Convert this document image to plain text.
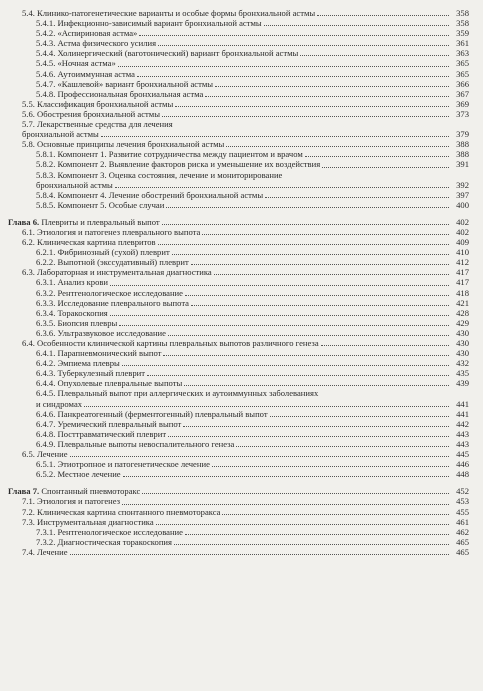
5.4. Клинико-патогенетические варианты и особые формы бронхиальной астмы	358
5.4.1. Инфекционно-зависимый вариант бронхиальной астмы	358
5.4.2. «Аспириновая астма»	359
5.4.3. Астма физического усилия	361
5.4.4. Холинергический (ваготонический) вариант бронхиальной астмы	363
5.4.5. «Ночная астма»	365
5.4.6. Аутоиммунная астма	365
5.4.7. «Кашлевой» вариант бронхиальной астмы	366
5.4.8. Профессиональная бронхиальная астма	367
5.5. Классификация бронхиальной астмы	369
5.6. Обострения бронхиальной астмы	373
5.7. Лекарственные средства для лечения
бронхиальной астмы	379
5.8. Основные принципы лечения бронхиальной астмы	388
5.8.1. Компонент 1. Развитие сотрудничества между пациентом и врачом	388
5.8.2. Компонент 2. Выявление факторов риска и уменьшение их воздействия	391
5.8.3. Компонент 3. Оценка состояния, лечение и мониторирование
бронхиальной астмы	392
5.8.4. Компонент 4. Лечение обострений бронхиальной астмы	397
5.8.5. Компонент 5. Особые случаи	400
Глава 6. Плевриты и плевральный выпот	402
6.1. Этиология и патогенез плеврального выпота	402
6.2. Клиническая картина плевритов	409
6.2.1. Фибринозный (сухой) плеврит	410
6.2.2. Выпотной (экссудативный) плеврит	412
6.3. Лабораторная и инструментальная диагностика	417
6.3.1. Анализ крови	417
6.3.2. Рентгенологическое исследование	418
6.3.3. Исследование плеврального выпота	421
6.3.4. Торакоскопия	428
6.3.5. Биопсия плевры	429
6.3.6. Ультразвуковое исследование	430
6.4. Особенности клинической картины плевральных выпотов различного генеза	430
6.4.1. Парапневмонический выпот	430
6.4.2. Эмпиема плевры	432
6.4.3. Туберкулезный плеврит	435
6.4.4. Опухолевые плевральные выпоты	439
6.4.5. Плевральный выпот при аллергических и аутоиммунных заболеваниях
и синдромах	441
6.4.6. Панкреатогенный (ферментогенный) плевральный выпот	441
6.4.7. Уремический плевральный выпот	442
6.4.8. Посттравматический плеврит	443
6.4.9. Плевральные выпоты невоспалительного генеза	443
6.5. Лечение	445
6.5.1. Этиотропное и патогенетическое лечение	446
6.5.2. Местное лечение	448
Глава 7. Спонтанный пневмоторакс	452
7.1. Этиология и патогенез	453
7.2. Клиническая картина спонтанного пневмоторакса	455
7.3. Инструментальная диагностика	461
7.3.1. Рентгенологическое исследование	462
7.3.2. Диагностическая торакоскопия	465
7.4. Лечение	465
